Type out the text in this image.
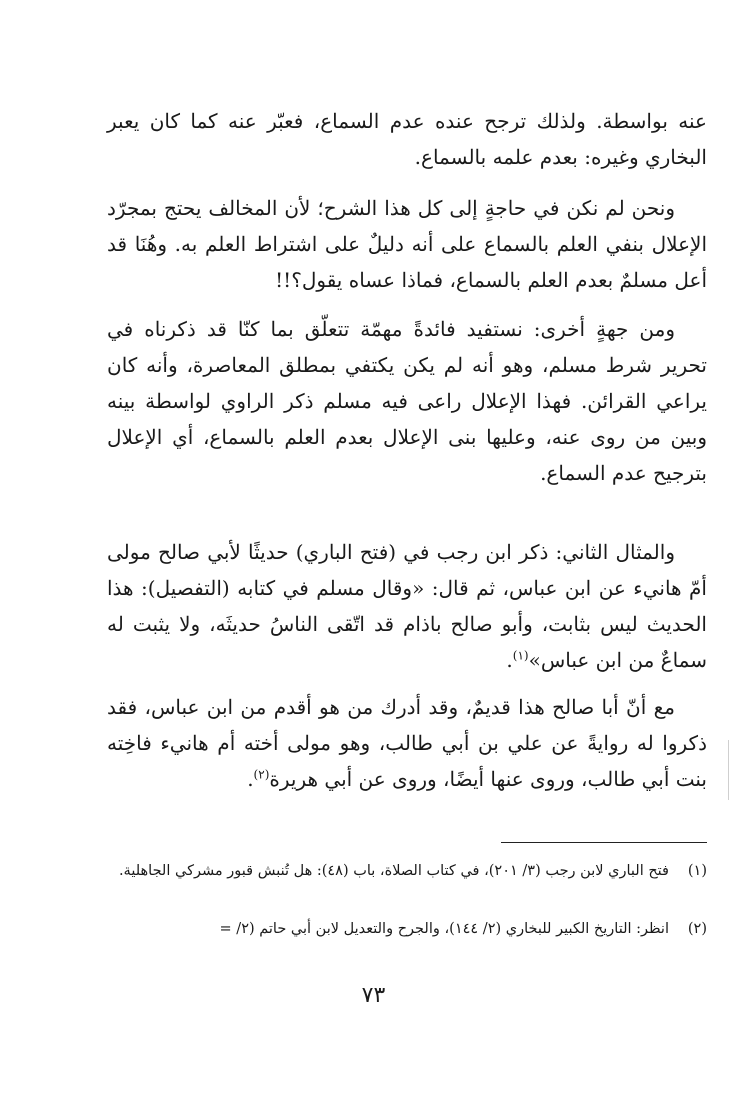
عنه بواسطة. ولذلك ترجح عنده عدم السماع، فعبّر عنه كما كان يعبر البخاري وغيره: بعدم علمه بالسماع.

ونحن لم نكن في حاجةٍ إلى كل هذا الشرح؛ لأن المخالف يحتج بمجرّد الإعلال بنفي العلم بالسماع على أنه دليلٌ على اشتراط العلم به. وهُنَا قد أعل مسلمٌ بعدم العلم بالسماع، فماذا عساه يقول؟!!

ومن جهةٍ أخرى: نستفيد فائدةً مهمّة تتعلّق بما كنّا قد ذكرناه في تحرير شرط مسلم، وهو أنه لم يكن يكتفي بمطلق المعاصرة، وأنه كان يراعي القرائن. فهذا الإعلال راعى فيه مسلم ذكر الراوي لواسطة بينه وبين من روى عنه، وعليها بنى الإعلال بعدم العلم بالسماع، أي الإعلال بترجيح عدم السماع.

والمثال الثاني: ذكر ابن رجب في (فتح الباري) حديثًا لأبي صالح مولى أمّ هانيء عن ابن عباس، ثم قال: «وقال مسلم في كتابه (التفصيل): هذا الحديث ليس بثابت، وأبو صالح باذام قد اتّقى الناسُ حديثَه، ولا يثبت له سماعٌ من ابن عباس»$^{(١)}$.

مع أنّ أبا صالح هذا قديمٌ، وقد أدرك من هو أقدم من ابن عباس، فقد ذكروا له روايةً عن علي بن أبي طالب، وهو مولى أخته أم هانيء فاخِته بنت أبي طالب، وروى عنها أيضًا، وروى عن أبي هريرة$^{(٢)}$.

(١)فتح الباري لابن رجب (٣/ ٢٠١)، في كتاب الصلاة، باب (٤٨): هل تُنبش قبور مشركي الجاهلية.

(٢)انظر: التاريخ الكبير للبخاري (٢/ ١٤٤)، والجرح والتعديل لابن أبي حاتم (٢/ =

٧٣
